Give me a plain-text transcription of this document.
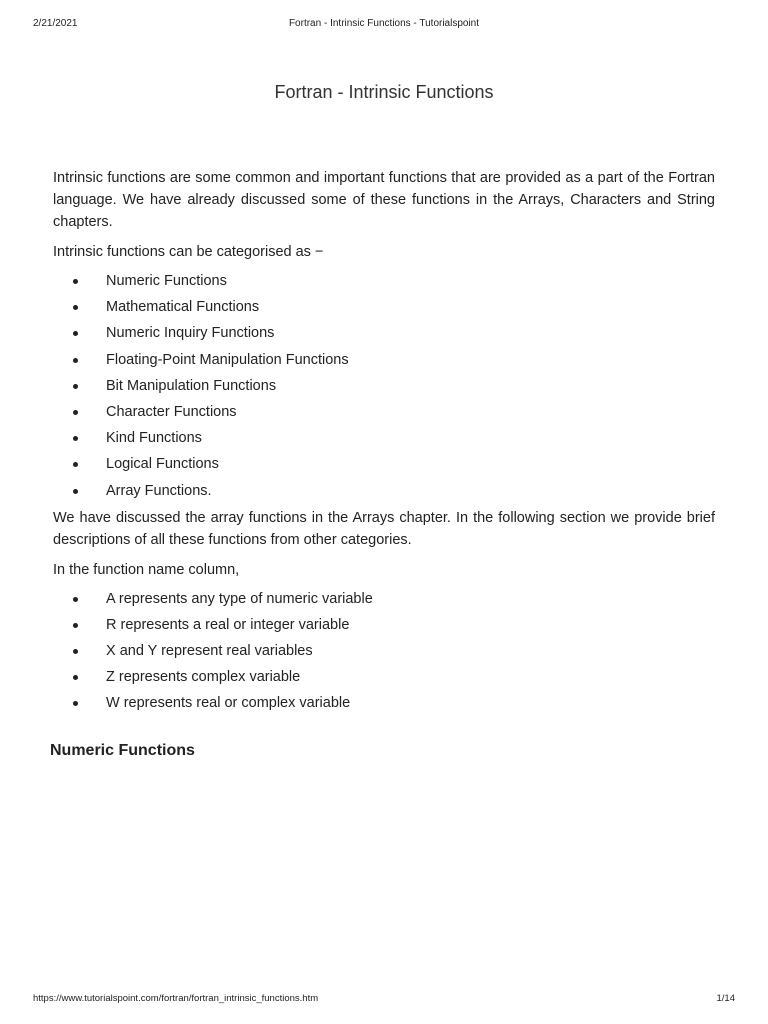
2/21/2021	Fortran - Intrinsic Functions - Tutorialspoint
Fortran - Intrinsic Functions

Intrinsic functions are some common and important functions that are provided as a part of the Fortran language. We have already discussed some of these functions in the Arrays, Characters and String chapters.

Intrinsic functions can be categorised as −

Numeric Functions
Mathematical Functions
Numeric Inquiry Functions
Floating-Point Manipulation Functions
Bit Manipulation Functions
Character Functions
Kind Functions
Logical Functions
Array Functions.

We have discussed the array functions in the Arrays chapter. In the following section we provide brief descriptions of all these functions from other categories.

In the function name column,

A represents any type of numeric variable
R represents a real or integer variable
X and Y represent real variables
Z represents complex variable
W represents real or complex variable
Numeric Functions
https://www.tutorialspoint.com/fortran/fortran_intrinsic_functions.htm	1/14
